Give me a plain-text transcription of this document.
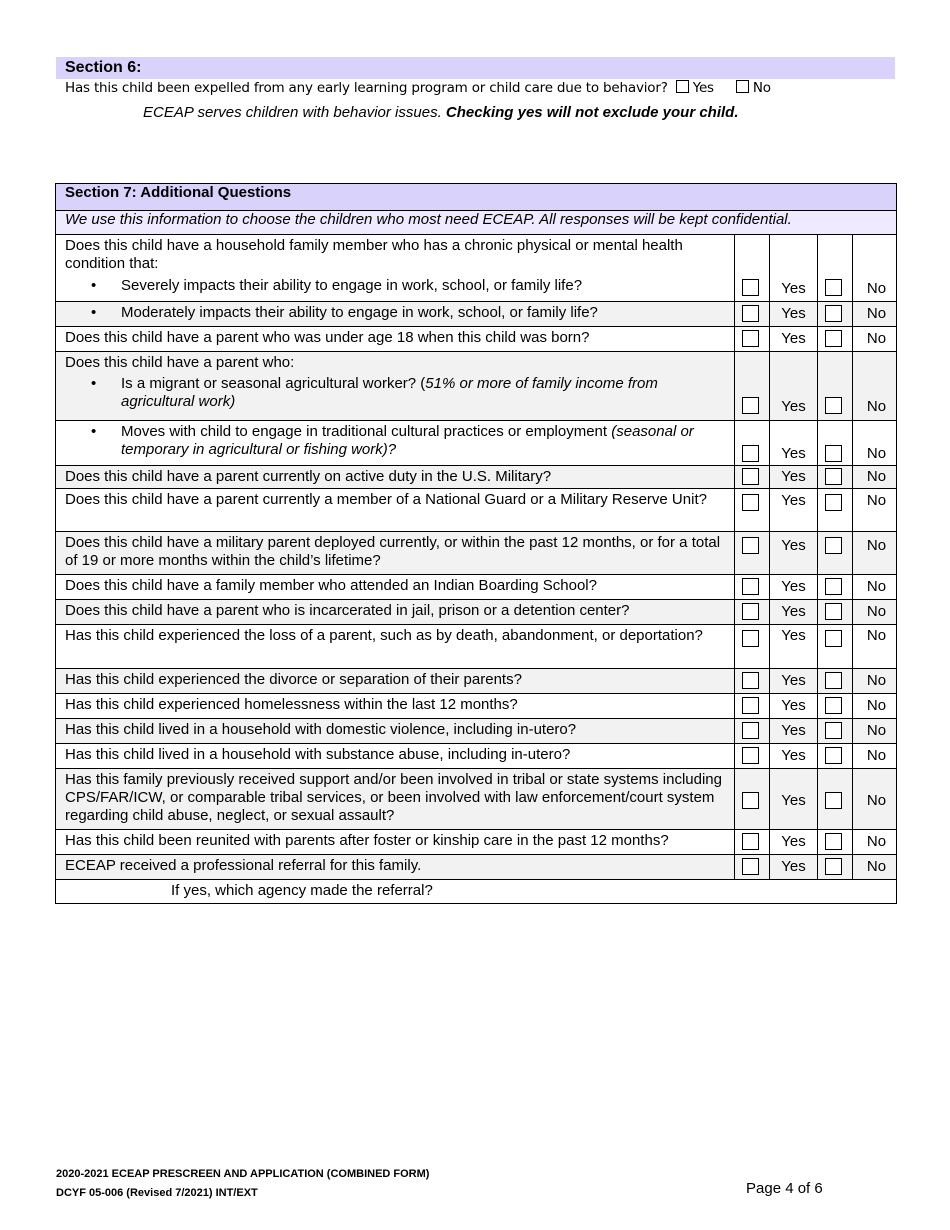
Section 6:
Has this child been expelled from any early learning program or child care due to behavior? Yes	No
ECEAP serves children with behavior issues. Checking yes will not exclude your child.
Section 7: Additional Questions				
We use this information to choose the children who most need ECEAP. All responses will be kept confidential.				

Does this child have a household family member who has a chronic physical or mental health condition that:
• Severely impacts their ability to engage in work, school, or family life?		Yes		No

• Moderately impacts their ability to engage in work, school, or family life?		Yes		No

Does this child have a parent who was under age 18 when this child was born?		Yes		No

Does this child have a parent who:
• Is a migrant or seasonal agricultural worker? (51% or more of family income from agricultural work)		Yes		No

• Moves with child to engage in traditional cultural practices or employment (seasonal or temporary in agricultural or fishing work)?		Yes		No

Does this child have a parent currently on active duty in the U.S. Military?		Yes		No

Does this child have a parent currently a member of a National Guard or a Military Reserve Unit?		Yes		No

Does this child have a military parent deployed currently, or within the past 12 months, or for a total of 19 or more months within the child’s lifetime?		Yes		No

Does this child have a family member who attended an Indian Boarding School?		Yes		No

Does this child have a parent who is incarcerated in jail, prison or a detention center?		Yes		No

Has this child experienced the loss of a parent, such as by death, abandonment, or deportation?		Yes		No

Has this child experienced the divorce or separation of their parents?		Yes		No

Has this child experienced homelessness within the last 12 months?		Yes		No

Has this child lived in a household with domestic violence, including in-utero?		Yes		No

Has this child lived in a household with substance abuse, including in-utero?		Yes		No

Has this family previously received support and/or been involved in tribal or state systems including CPS/FAR/ICW, or comparable tribal services, or been involved with law enforcement/court system regarding child abuse, neglect, or sexual assault?		Yes		No

Has this child been reunited with parents after foster or kinship care in the past 12 months?		Yes		No

ECEAP received a professional referral for this family.		Yes		No

If yes, which agency made the referral?				
2020-2021 ECEAP PRESCREEN AND APPLICATION (COMBINED FORM)
DCYF 05-006 (Revised 7/2021) INT/EXT	Page 4 of 6
